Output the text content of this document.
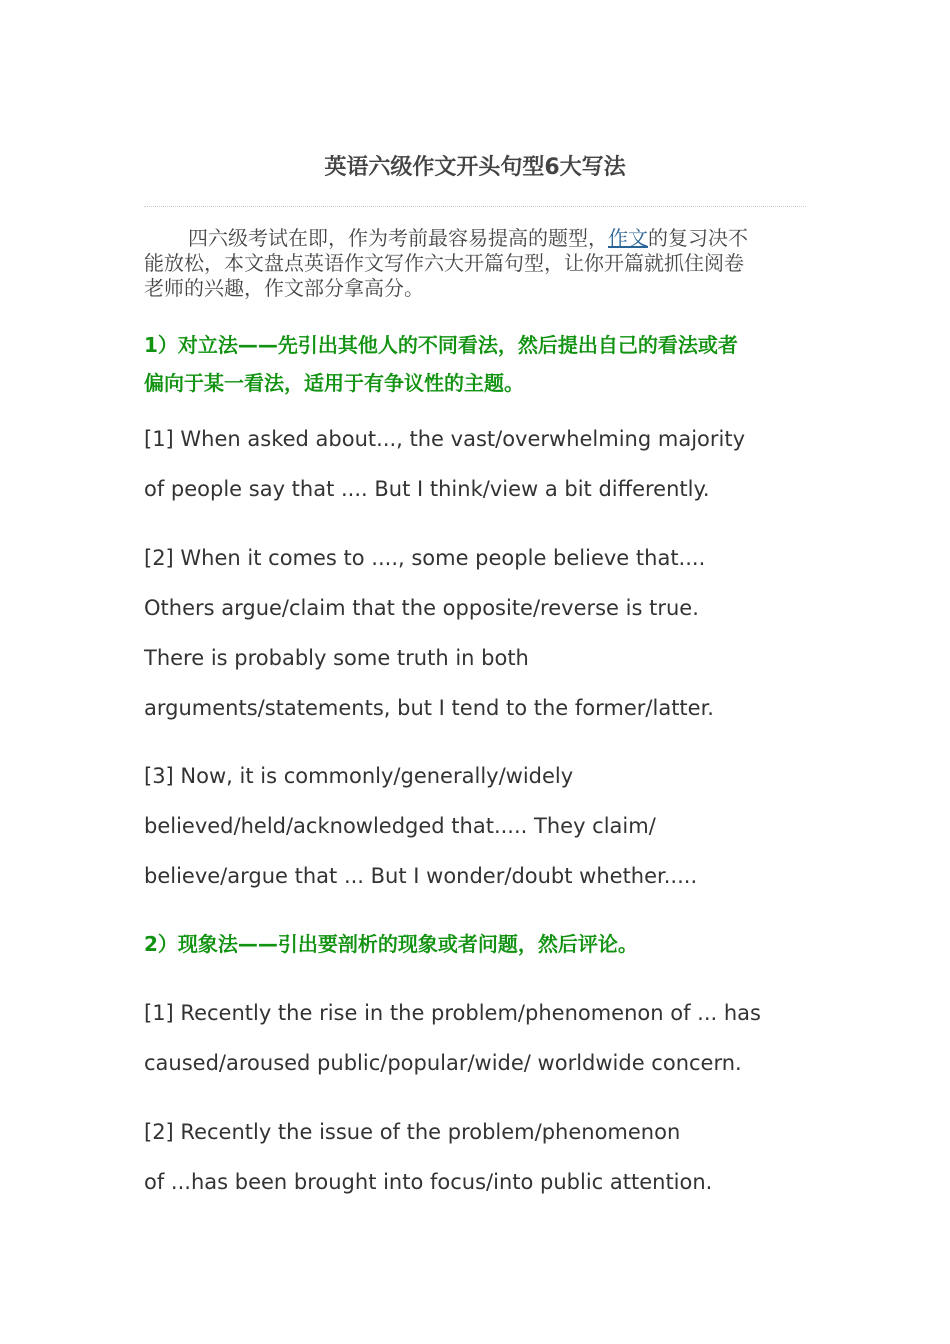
英语六级作文开头句型6大写法
四六级考试在即，作为考前最容易提高的题型，作文的复习决不
能放松，本文盘点英语作文写作六大开篇句型，让你开篇就抓住阅卷
老师的兴趣，作文部分拿高分。
1）对立法——先引出其他人的不同看法，然后提出自己的看法或者
偏向于某一看法，适用于有争议性的主题。
[1] When asked about..., the vast/overwhelming majority
of people say that .... But I think/view a bit differently.
[2] When it comes to ...., some people believe that....
Others argue/claim that the opposite/reverse is true.
There is probably some truth in both
arguments/statements, but I tend to the former/latter.
[3] Now, it is commonly/generally/widely
believed/held/acknowledged that..... They claim/
believe/argue that ... But I wonder/doubt whether.....
2）现象法——引出要剖析的现象或者问题，然后评论。
[1] Recently the rise in the problem/phenomenon of ... has
caused/aroused public/popular/wide/ worldwide concern.
[2] Recently the issue of the problem/phenomenon
of ...has been brought into focus/into public attention.
